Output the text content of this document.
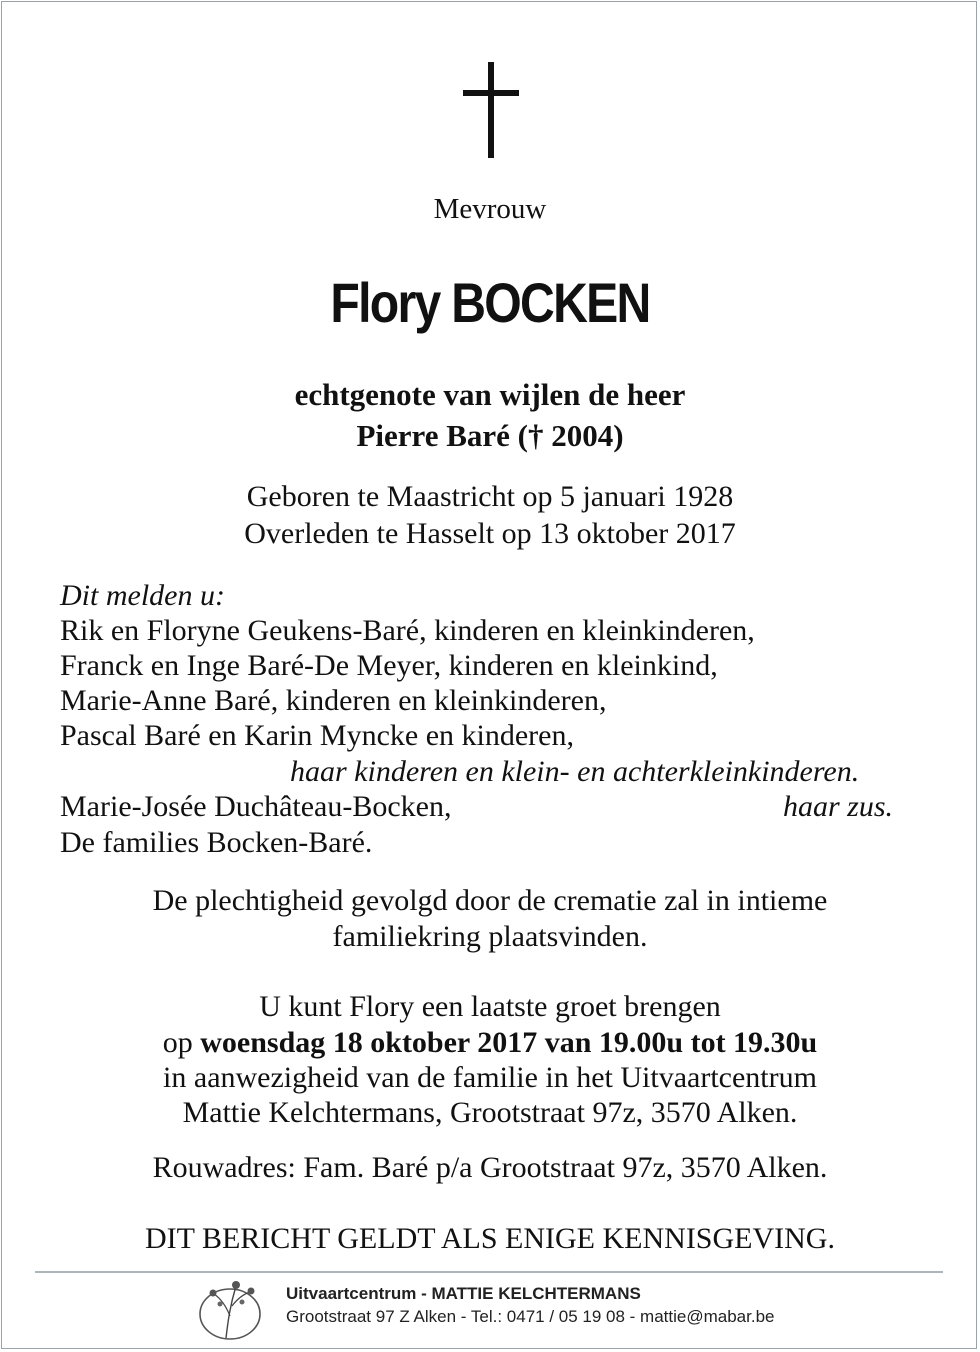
Mevrouw
Flory BOCKEN
echtgenote van wijlen de heer
Pierre Baré († 2004)
Geboren te Maastricht op 5 januari 1928
Overleden te Hasselt op 13 oktober 2017
Dit melden u:
Rik en Floryne Geukens-Baré, kinderen en kleinkinderen,
Franck en Inge Baré-De Meyer, kinderen en kleinkind,
Marie-Anne Baré, kinderen en kleinkinderen,
Pascal Baré en Karin Myncke en kinderen,
haar kinderen en klein- en achterkleinkinderen.
Marie-Josée Duchâteau-Bocken,	haar zus.
De families Bocken-Baré.
De plechtigheid gevolgd door de crematie zal in intieme
familiekring plaatsvinden.
U kunt Flory een laatste groet brengen
op woensdag 18 oktober 2017 van 19.00u tot 19.30u
in aanwezigheid van de familie in het Uitvaartcentrum
Mattie Kelchtermans, Grootstraat 97z, 3570 Alken.
Rouwadres: Fam. Baré p/a Grootstraat 97z, 3570 Alken.
DIT BERICHT GELDT ALS ENIGE KENNISGEVING.
Uitvaartcentrum - MATTIE KELCHTERMANS
Grootstraat 97 Z Alken - Tel.: 0471 / 05 19 08 - mattie@mabar.be
